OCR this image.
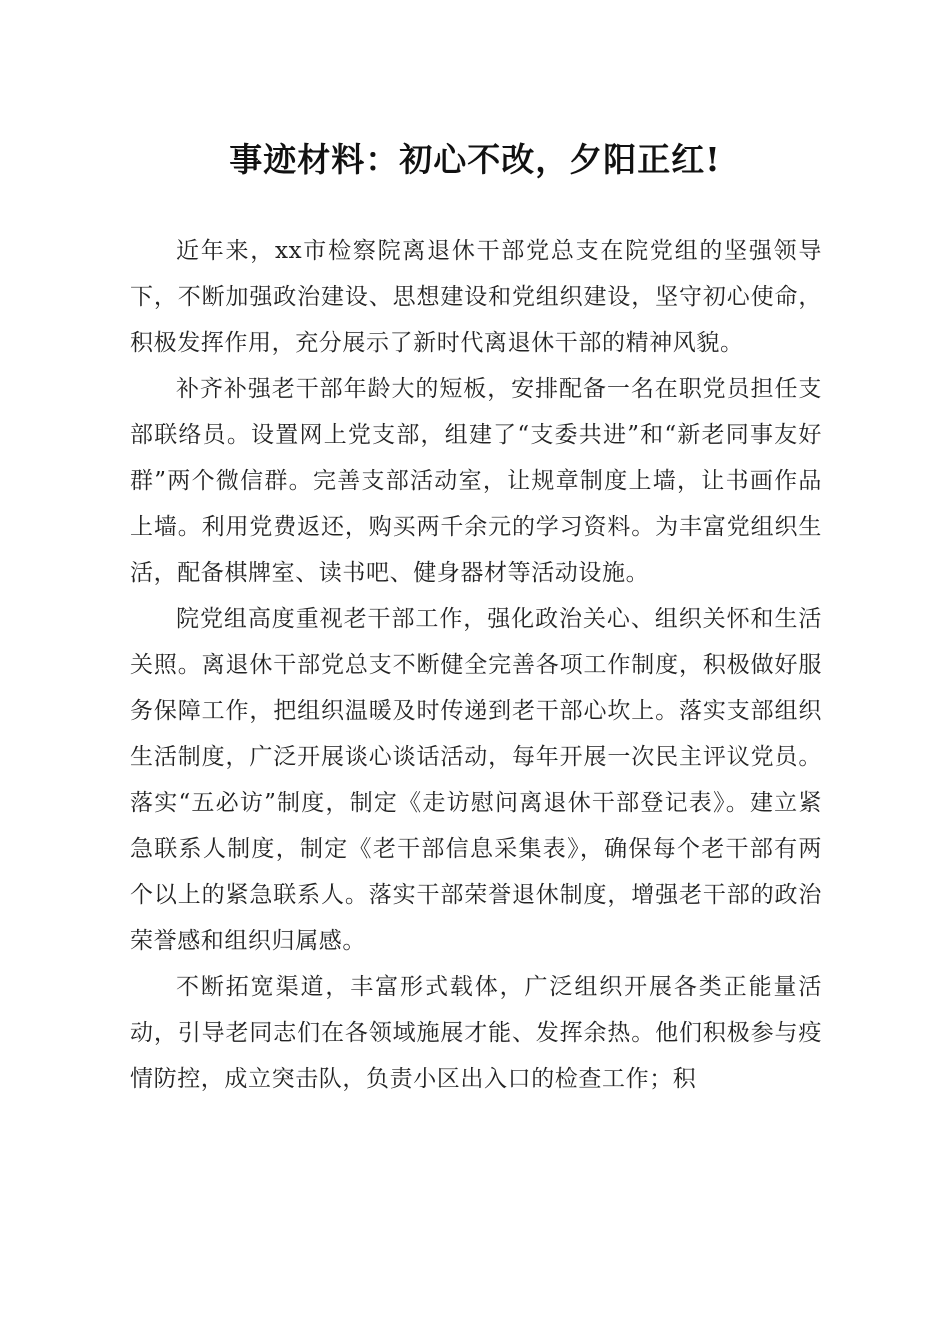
事迹材料：初心不改，夕阳正红!

近年来，xx市检察院离退休干部党总支在院党组的坚强领导下，不断加强政治建设、思想建设和党组织建设，坚守初心使命，积极发挥作用，充分展示了新时代离退休干部的精神风貌。

补齐补强老干部年龄大的短板，安排配备一名在职党员担任支部联络员。设置网上党支部，组建了“支委共进”和“新老同事友好群”两个微信群。完善支部活动室，让规章制度上墙，让书画作品上墙。利用党费返还，购买两千余元的学习资料。为丰富党组织生活，配备棋牌室、读书吧、健身器材等活动设施。

院党组高度重视老干部工作，强化政治关心、组织关怀和生活关照。离退休干部党总支不断健全完善各项工作制度，积极做好服务保障工作，把组织温暖及时传递到老干部心坎上。落实支部组织生活制度，广泛开展谈心谈话活动，每年开展一次民主评议党员。落实“五必访”制度，制定《走访慰问离退休干部登记表》。建立紧急联系人制度，制定《老干部信息采集表》，确保每个老干部有两个以上的紧急联系人。落实干部荣誉退休制度，增强老干部的政治荣誉感和组织归属感。

不断拓宽渠道，丰富形式载体，广泛组织开展各类正能量活动，引导老同志们在各领域施展才能、发挥余热。他们积极参与疫情防控，成立突击队，负责小区出入口的检查工作；积
